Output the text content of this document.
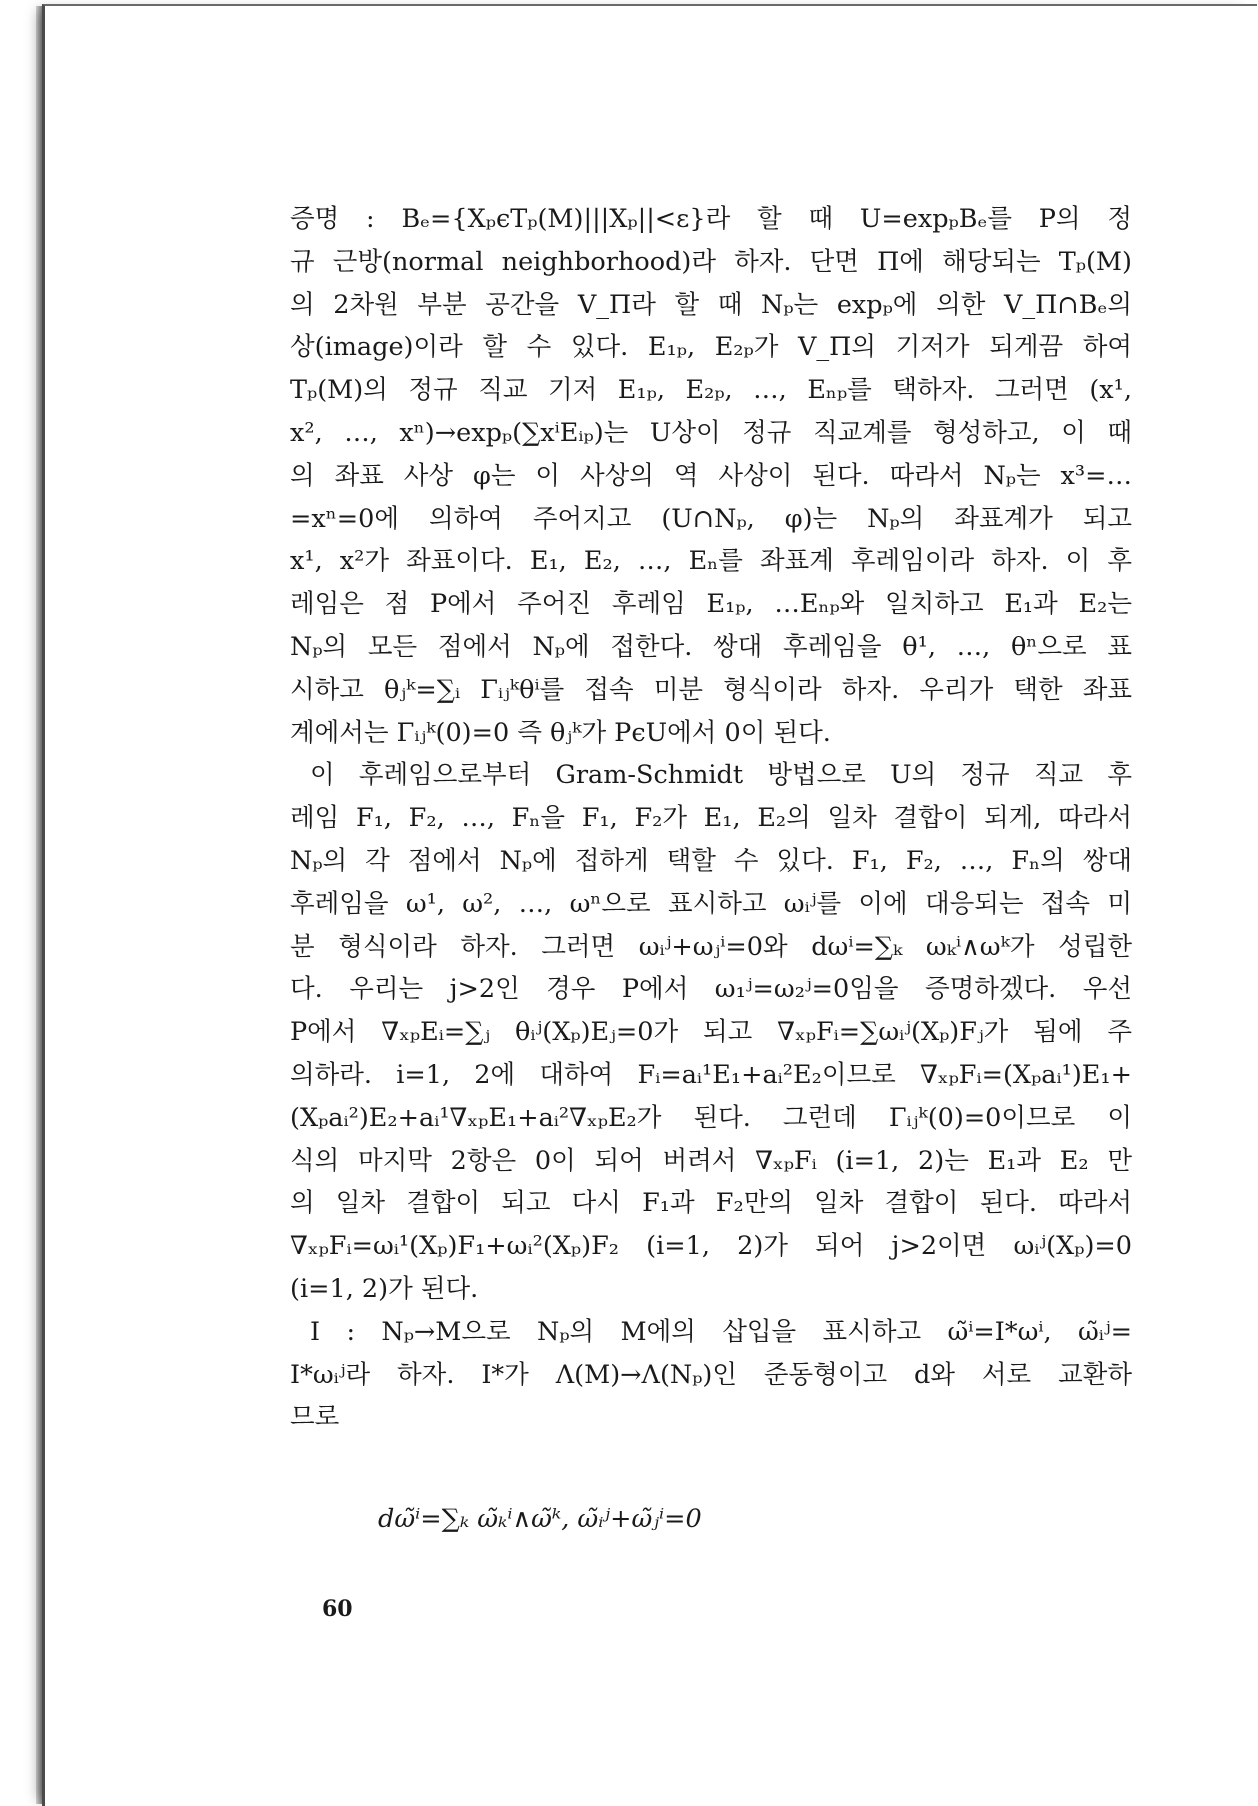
증명 : Bₑ={XₚϵTₚ(M)|||Xₚ||<ε}라 할 때 U=expₚBₑ를 P의 정
규 근방(normal neighborhood)라 하자. 단면 Π에 해당되는 Tₚ(M)
의 2차원 부분 공간을 V_Π라 할 때 Nₚ는 expₚ에 의한 V_Π∩Bₑ의
상(image)이라 할 수 있다. E₁ₚ, E₂ₚ가 V_Π의 기저가 되게끔 하여
Tₚ(M)의 정규 직교 기저 E₁ₚ, E₂ₚ, …, Eₙₚ를 택하자. 그러면 (x¹,
x², …, xⁿ)→expₚ(∑xⁱEᵢₚ)는 U상이 정규 직교계를 형성하고, 이 때
의 좌표 사상 φ는 이 사상의 역 사상이 된다. 따라서 Nₚ는 x³=…
=xⁿ=0에 의하여 주어지고 (U∩Nₚ, φ)는 Nₚ의 좌표계가 되고
x¹, x²가 좌표이다. E₁, E₂, …, Eₙ를 좌표계 후레임이라 하자. 이 후
레임은 점 P에서 주어진 후레임 E₁ₚ, …Eₙₚ와 일치하고 E₁과 E₂는
Nₚ의 모든 점에서 Nₚ에 접한다. 쌍대 후레임을 θ¹, …, θⁿ으로 표
시하고 θⱼᵏ=∑ᵢ Γᵢⱼᵏθⁱ를 접속 미분 형식이라 하자. 우리가 택한 좌표
계에서는 Γᵢⱼᵏ(0)=0 즉 θⱼᵏ가 PϵU에서 0이 된다.
이 후레임으로부터 Gram-Schmidt 방법으로 U의 정규 직교 후
레임 F₁, F₂, …, Fₙ을 F₁, F₂가 E₁, E₂의 일차 결합이 되게, 따라서
Nₚ의 각 점에서 Nₚ에 접하게 택할 수 있다. F₁, F₂, …, Fₙ의 쌍대
후레임을 ω¹, ω², …, ωⁿ으로 표시하고 ωᵢʲ를 이에 대응되는 접속 미
분 형식이라 하자. 그러면 ωᵢʲ+ωⱼⁱ=0와 dωⁱ=∑ₖ ωₖⁱ∧ωᵏ가 성립한
다. 우리는 j>2인 경우 P에서 ω₁ʲ=ω₂ʲ=0임을 증명하겠다. 우선
P에서 ∇ₓₚEᵢ=∑ⱼ θᵢʲ(Xₚ)Eⱼ=0가 되고 ∇ₓₚFᵢ=∑ωᵢʲ(Xₚ)Fⱼ가 됨에 주
의하라. i=1, 2에 대하여 Fᵢ=aᵢ¹E₁+aᵢ²E₂이므로 ∇ₓₚFᵢ=(Xₚaᵢ¹)E₁+
(Xₚaᵢ²)E₂+aᵢ¹∇ₓₚE₁+aᵢ²∇ₓₚE₂가 된다. 그런데 Γᵢⱼᵏ(0)=0이므로 이
식의 마지막 2항은 0이 되어 버려서 ∇ₓₚFᵢ (i=1, 2)는 E₁과 E₂ 만
의 일차 결합이 되고 다시 F₁과 F₂만의 일차 결합이 된다. 따라서
∇ₓₚFᵢ=ωᵢ¹(Xₚ)F₁+ωᵢ²(Xₚ)F₂ (i=1, 2)가 되어 j>2이면 ωᵢʲ(Xₚ)=0
(i=1, 2)가 된다.
I : Nₚ→M으로 Nₚ의 M에의 삽입을 표시하고 ω̃ⁱ=I*ωⁱ, ω̃ᵢʲ=
I*ωᵢʲ라 하자. I*가 Λ(M)→Λ(Nₚ)인 준동형이고 d와 서로 교환하
므로
dω̃ⁱ=∑ₖ ω̃ₖⁱ∧ω̃ᵏ, ω̃ᵢʲ+ω̃ⱼⁱ=0
60
